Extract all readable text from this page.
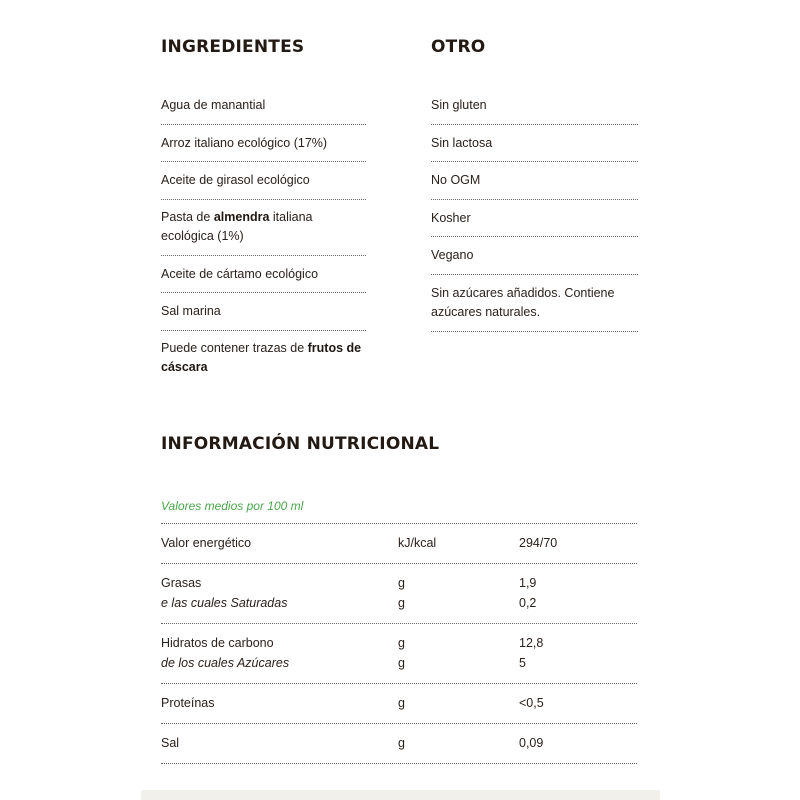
INGREDIENTES	OTRO
Agua de manantial
Arroz italiano ecológico (17%)
Aceite de girasol ecológico
Pasta de almendra italiana ecológica (1%)
Aceite de cártamo ecológico
Sal marina
Puede contener trazas de frutos de cáscara
Sin gluten
Sin lactosa
No OGM
Kosher
Vegano
Sin azúcares añadidos. Contiene azúcares naturales.
INFORMACIÓN NUTRICIONAL
Valores medios por 100 ml
Valor energético	kJ/kcal	294/70
Grasas	g	1,9
e las cuales Saturadas	g	0,2
Hidratos de carbono	g	12,8
de los cuales Azúcares	g	5
Proteínas	g	<0,5
Sal	g	0,09
